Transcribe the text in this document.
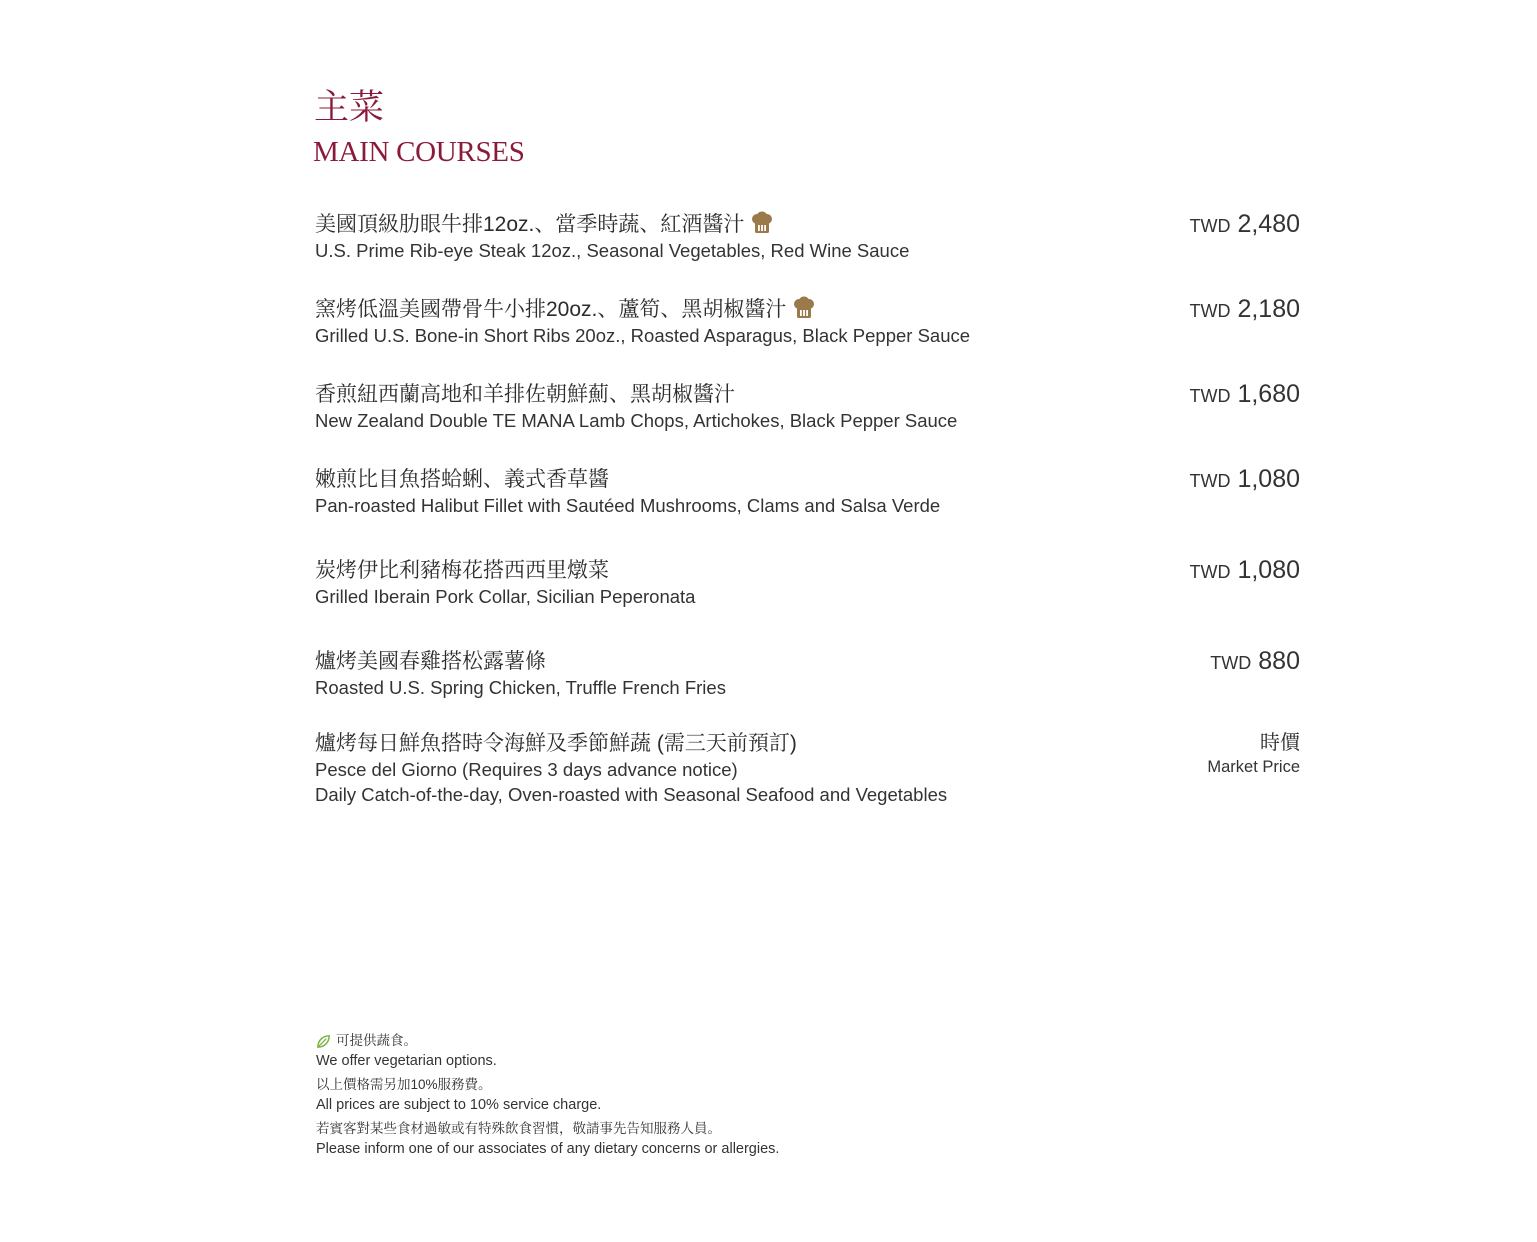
主菜
MAIN COURSES
美國頂級肋眼牛排12oz.、當季時蔬、紅酒醬汁
U.S. Prime Rib-eye Steak 12oz., Seasonal Vegetables, Red Wine Sauce
TWD 2,480
窯烤低溫美國帶骨牛小排20oz.、蘆筍、黑胡椒醬汁
Grilled U.S. Bone-in Short Ribs 20oz., Roasted Asparagus, Black Pepper Sauce
TWD 2,180
香煎紐西蘭高地和羊排佐朝鮮薊、黑胡椒醬汁
New Zealand Double TE MANA Lamb Chops, Artichokes, Black Pepper Sauce
TWD 1,680
嫩煎比目魚搭蛤蜊、義式香草醬
Pan-roasted Halibut Fillet with Sautéed Mushrooms, Clams and Salsa Verde
TWD 1,080
炭烤伊比利豬梅花搭西西里燉菜
Grilled Iberain Pork Collar, Sicilian Peperonata
TWD 1,080
爐烤美國春雞搭松露薯條
Roasted U.S. Spring Chicken, Truffle French Fries
TWD 880
爐烤每日鮮魚搭時令海鮮及季節鮮蔬 (需三天前預訂)
Pesce del Giorno (Requires 3 days advance notice)
Daily Catch-of-the-day, Oven-roasted with Seasonal Seafood and Vegetables
時價
Market Price
可提供蔬食。
We offer vegetarian options.
以上價格需另加10%服務費。
All prices are subject to 10% service charge.
若賓客對某些食材過敏或有特殊飲食習慣，敬請事先告知服務人員。
Please inform one of our associates of any dietary concerns or allergies.
